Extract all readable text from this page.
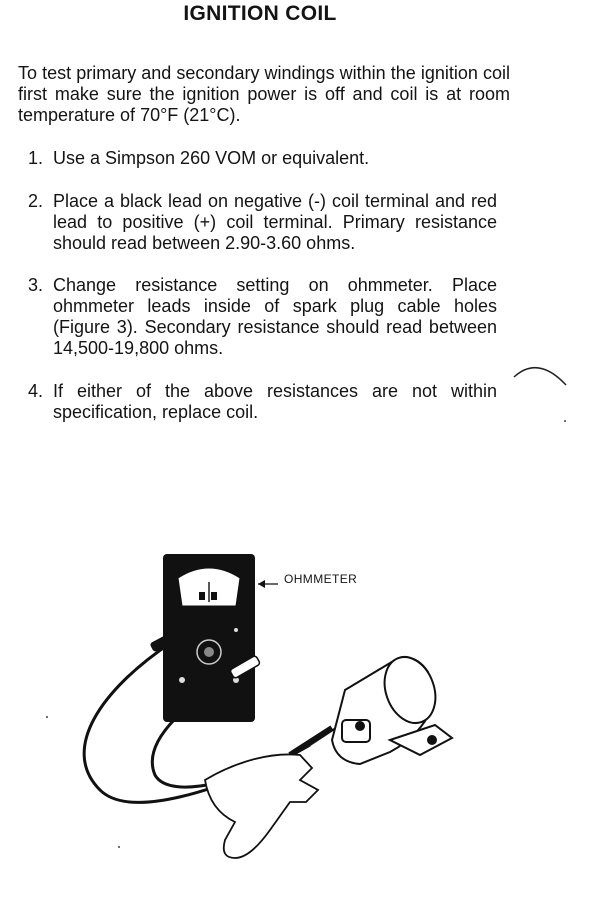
IGNITION COIL

To test primary and secondary windings within the ignition coil first make sure the ignition power is off and coil is at room temperature of 70°F (21°C).

1. Use a Simpson 260 VOM or equivalent.
2. Place a black lead on negative (-) coil terminal and red lead to positive (+) coil terminal. Primary resistance should read between 2.90-3.60 ohms.
3. Change resistance setting on ohmmeter. Place ohmmeter leads inside of spark plug cable holes (Figure 3). Secondary resistance should read between 14,500-19,800 ohms.
4. If either of the above resistances are not within specification, replace coil.
OHMMETER
